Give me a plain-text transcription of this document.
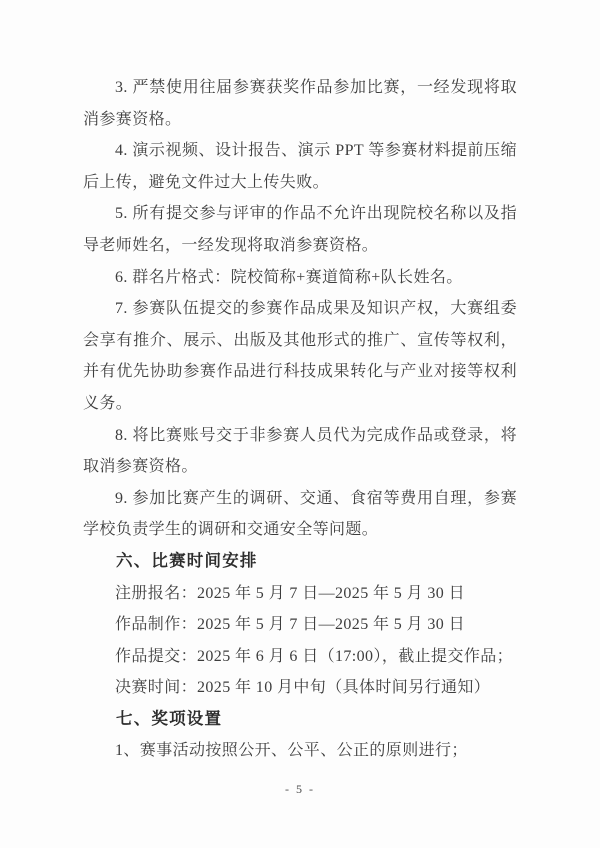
3. 严禁使用往届参赛获奖作品参加比赛，一经发现将取消参赛资格。

4. 演示视频、设计报告、演示 PPT 等参赛材料提前压缩后上传，避免文件过大上传失败。

5. 所有提交参与评审的作品不允许出现院校名称以及指导老师姓名，一经发现将取消参赛资格。

6. 群名片格式：院校简称+赛道简称+队长姓名。

7. 参赛队伍提交的参赛作品成果及知识产权，大赛组委会享有推介、展示、出版及其他形式的推广、宣传等权利，并有优先协助参赛作品进行科技成果转化与产业对接等权利义务。

8. 将比赛账号交于非参赛人员代为完成作品或登录，将取消参赛资格。

9. 参加比赛产生的调研、交通、食宿等费用自理，参赛学校负责学生的调研和交通安全等问题。

六、比赛时间安排

注册报名：2025 年 5 月 7 日—2025 年 5 月 30 日

作品制作：2025 年 5 月 7 日—2025 年 5 月 30 日

作品提交：2025 年 6 月 6 日（17:00），截止提交作品；

决赛时间：2025 年 10 月中旬（具体时间另行通知）

七、奖项设置

1、赛事活动按照公开、公平、公正的原则进行；

- 5 -
